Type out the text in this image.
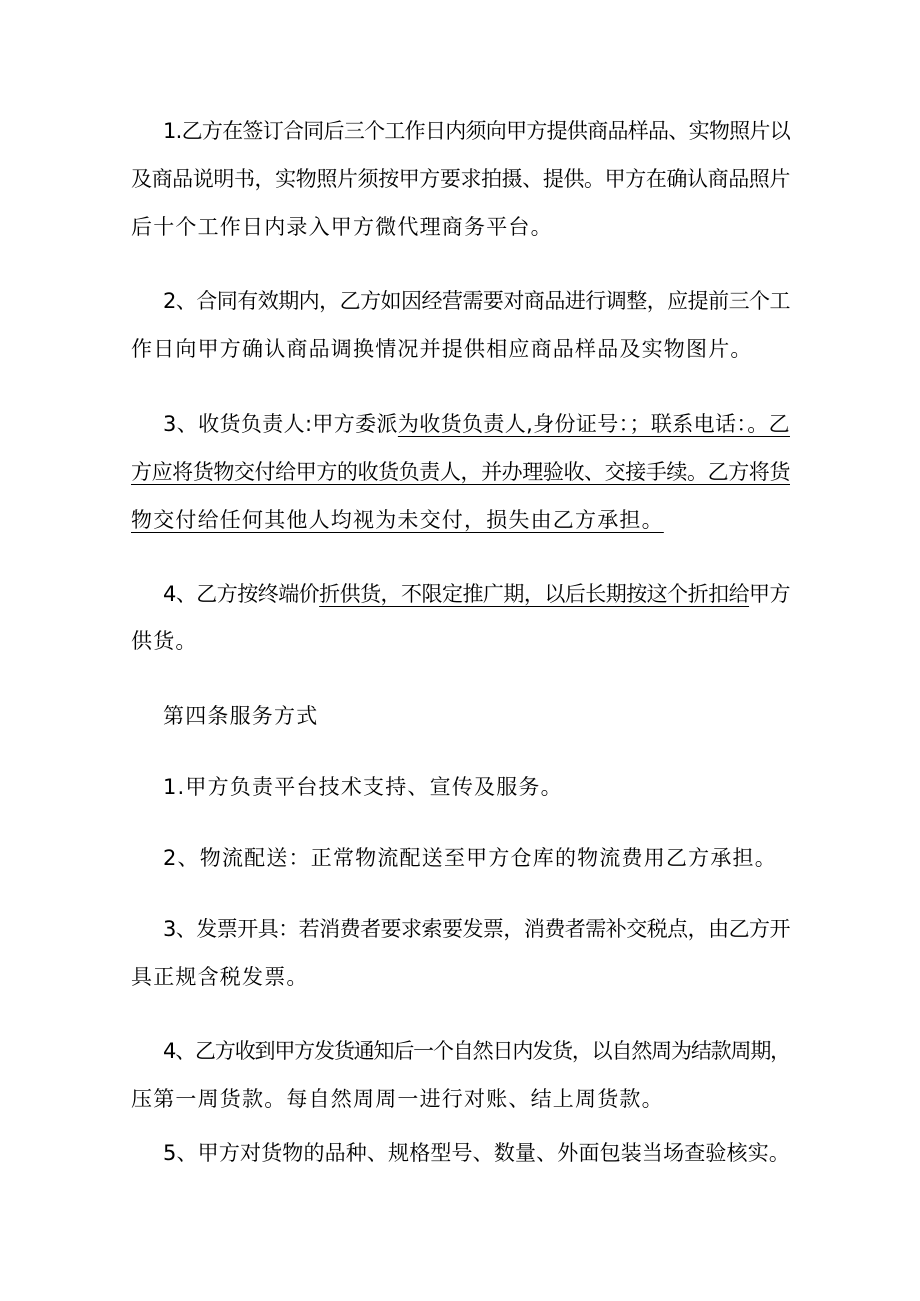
1.乙方在签订合同后三个工作日内须向甲方提供商品样品、实物照片以
及商品说明书，实物照片须按甲方要求拍摄、提供。甲方在确认商品照片
后十个工作日内录入甲方微代理商务平台。
2、合同有效期内，乙方如因经营需要对商品进行调整，应提前三个工
作日向甲方确认商品调换情况并提供相应商品样品及实物图片。
3、收货负责人:甲方委派为收货负责人,身份证号：；联系电话：。乙
方应将货物交付给甲方的收货负责人，并办理验收、交接手续。乙方将货
物交付给任何其他人均视为未交付，损失由乙方承担。
4、乙方按终端价折供货，不限定推广期，以后长期按这个折扣给甲方
供货。
第四条服务方式
1.甲方负责平台技术支持、宣传及服务。
2、物流配送：正常物流配送至甲方仓库的物流费用乙方承担。
3、发票开具：若消费者要求索要发票，消费者需补交税点，由乙方开
具正规含税发票。
4、乙方收到甲方发货通知后一个自然日内发货，以自然周为结款周期，
压第一周货款。每自然周周一进行对账、结上周货款。
5、甲方对货物的品种、规格型号、数量、外面包装当场查验核实。
